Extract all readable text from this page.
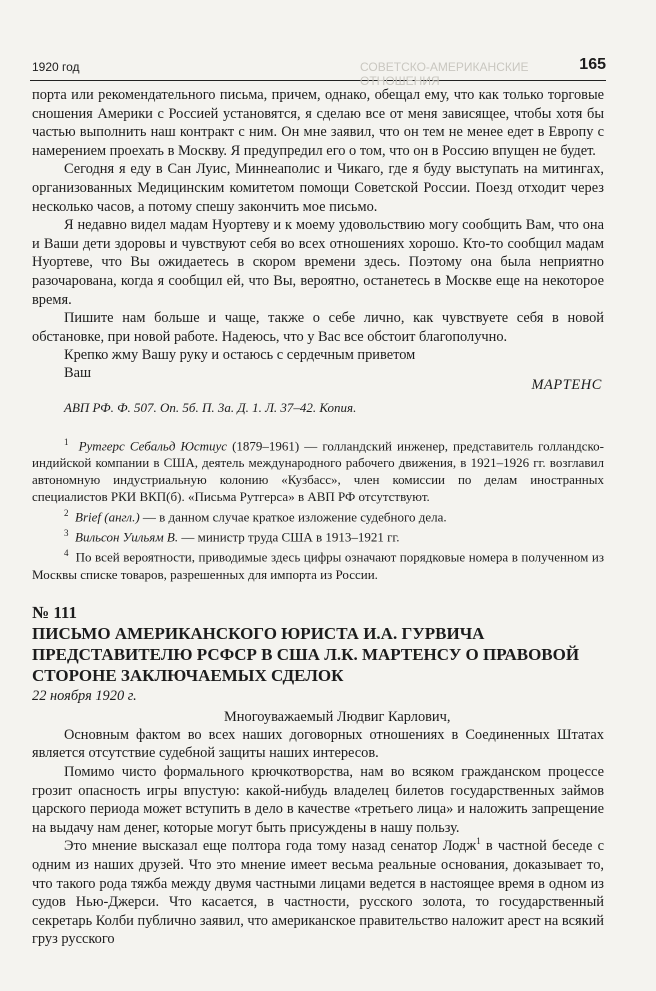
1920 год	СОВЕТСКО-АМЕРИКАНСКИЕ ОТНОШЕНИЯ
165

порта или рекомендательного письма, причем, однако, обещал ему, что как только торговые сношения Америки с Россией установятся, я сделаю все от меня зависящее, чтобы хотя бы частью выполнить наш контракт с ним. Он мне заявил, что он тем не менее едет в Европу с намерением проехать в Москву. Я предупредил его о том, что он в Россию впущен не будет.

Сегодня я еду в Сан Луис, Миннеаполис и Чикаго, где я буду выступать на митингах, организованных Медицинским комитетом помощи Советской России. Поезд отходит через несколько часов, а потому спешу закончить мое письмо.

Я недавно видел мадам Нуортеву и к моему удовольствию могу сообщить Вам, что она и Ваши дети здоровы и чувствуют себя во всех отношениях хорошо. Кто-то сообщил мадам Нуортеве, что Вы ожидаетесь в скором времени здесь. Поэтому она была неприятно разочарована, когда я сообщил ей, что Вы, вероятно, останетесь в Москве еще на некоторое время.

Пишите нам больше и чаще, также о себе лично, как чувствуете себя в новой обстановке, при новой работе. Надеюсь, что у Вас все обстоит благополучно.

Крепко жму Вашу руку и остаюсь с сердечным приветом

Ваш
МАРТЕНС

АВП РФ. Ф. 507. Оп. 5б. П. 3а. Д. 1. Л. 37–42. Копия.

$^1$ Рутгерс Себальд Юстиус (1879–1961) — голландский инженер, представитель голландско-индийской компании в США, деятель международного рабочего движения, в 1921–1926 гг. возглавил автономную индустриальную колонию «Кузбасс», член комиссии по делам иностранных специалистов РКИ ВКП(б). «Письма Рутгерса» в АВП РФ отсутствуют.

$^2$ Brief (англ.) — в данном случае краткое изложение судебного дела.

$^3$ Вильсон Уильям В. — министр труда США в 1913–1921 гг.

$^4$ По всей вероятности, приводимые здесь цифры означают порядковые номера в полученном из Москвы списке товаров, разрешенных для импорта из России.

№ 111
ПИСЬМО АМЕРИКАНСКОГО ЮРИСТА И.А. ГУРВИЧА ПРЕДСТАВИТЕЛЮ РСФСР В США Л.К. МАРТЕНСУ О ПРАВОВОЙ СТОРОНЕ ЗАКЛЮЧАЕМЫХ СДЕЛОК
22 ноября 1920 г.
Многоуважаемый Людвиг Карлович,

Основным фактом во всех наших договорных отношениях в Соединенных Штатах является отсутствие судебной защиты наших интересов.

Помимо чисто формального крючкотворства, нам во всяком гражданском процессе грозит опасность игры впустую: какой-нибудь владелец билетов государственных займов царского периода может вступить в дело в качестве «третьего лица» и наложить запрещение на выдачу нам денег, которые могут быть присуждены в нашу пользу.

Это мнение высказал еще полтора года тому назад сенатор Лодж$^1$ в частной беседе с одним из наших друзей. Что это мнение имеет весьма реальные основания, доказывает то, что такого рода тяжба между двумя частными лицами ведется в настоящее время в одном из судов Нью-Джерси. Что касается, в частности, русского золота, то государственный секретарь Колби публично заявил, что американское правительство наложит арест на всякий груз русского
